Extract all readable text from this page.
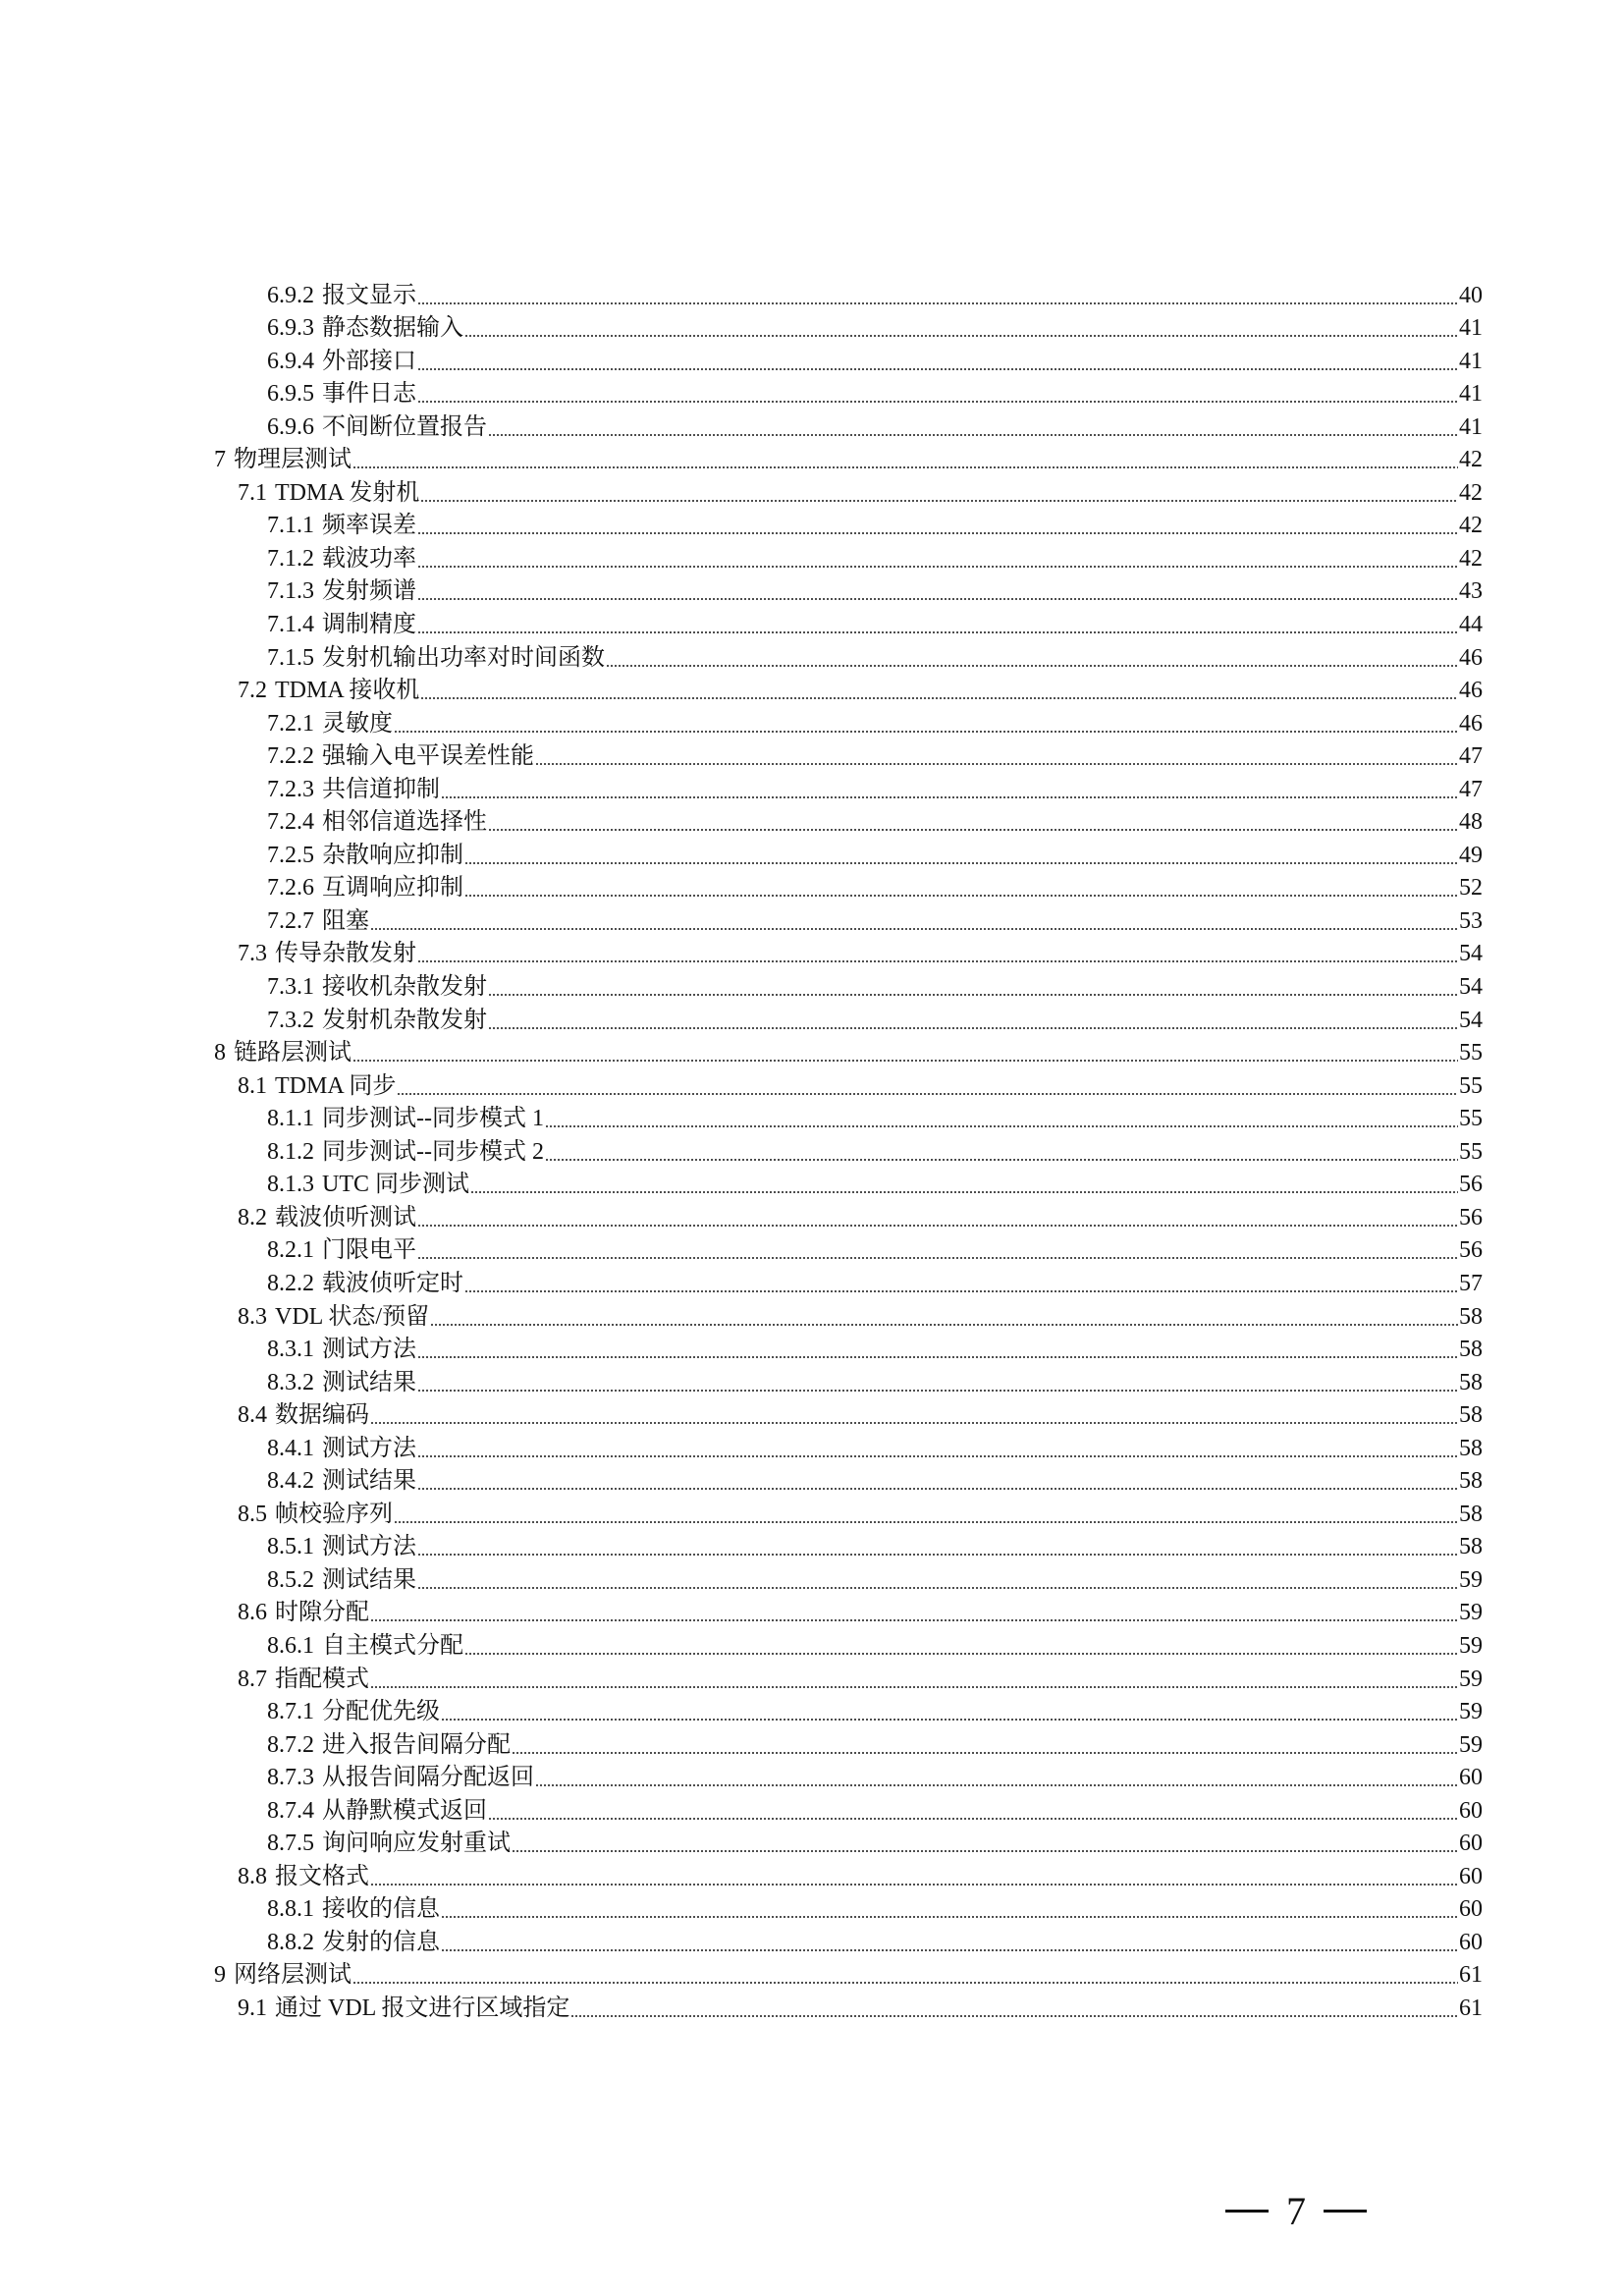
6.9.2 报文显示	40
6.9.3 静态数据输入	41
6.9.4 外部接口	41
6.9.5 事件日志	41
6.9.6 不间断位置报告	41
7 物理层测试	42
7.1 TDMA 发射机	42
7.1.1 频率误差	42
7.1.2 载波功率	42
7.1.3 发射频谱	43
7.1.4 调制精度	44
7.1.5 发射机输出功率对时间函数	46
7.2 TDMA 接收机	46
7.2.1 灵敏度	46
7.2.2 强输入电平误差性能	47
7.2.3 共信道抑制	47
7.2.4 相邻信道选择性	48
7.2.5 杂散响应抑制	49
7.2.6 互调响应抑制	52
7.2.7 阻塞	53
7.3 传导杂散发射	54
7.3.1 接收机杂散发射	54
7.3.2 发射机杂散发射	54
8 链路层测试	55
8.1 TDMA 同步	55
8.1.1 同步测试--同步模式 1	55
8.1.2 同步测试--同步模式 2	55
8.1.3 UTC 同步测试	56
8.2 载波侦听测试	56
8.2.1 门限电平	56
8.2.2 载波侦听定时	57
8.3 VDL 状态/预留	58
8.3.1 测试方法	58
8.3.2 测试结果	58
8.4 数据编码	58
8.4.1 测试方法	58
8.4.2 测试结果	58
8.5 帧校验序列	58
8.5.1 测试方法	58
8.5.2 测试结果	59
8.6 时隙分配	59
8.6.1 自主模式分配	59
8.7 指配模式	59
8.7.1 分配优先级	59
8.7.2 进入报告间隔分配	59
8.7.3 从报告间隔分配返回	60
8.7.4 从静默模式返回	60
8.7.5 询问响应发射重试	60
8.8 报文格式	60
8.8.1 接收的信息	60
8.8.2 发射的信息	60
9 网络层测试	61
9.1 通过 VDL 报文进行区域指定	61
7
